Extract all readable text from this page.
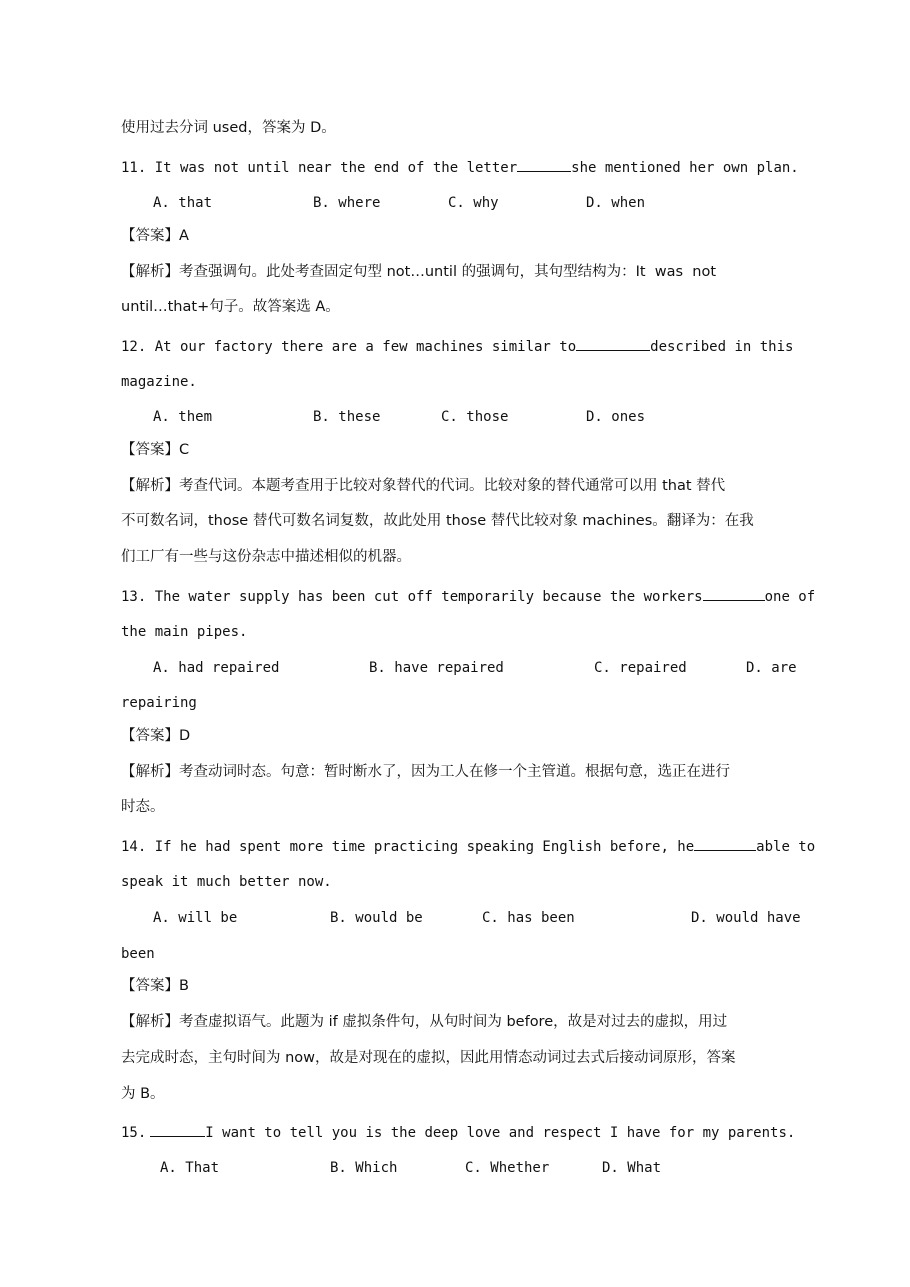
使用过去分词 used，答案为 D。
11. It was not until near the end of the letter	she mentioned her own plan.
A. that	B. where	C. why	D. when
【答案】A
【解析】考查强调句。此处考查固定句型 not…until 的强调句，其句型结构为：It  was  not
until…that+句子。故答案选 A。
12. At our factory there are a few machines similar to	described in this
magazine.
A. them	B. these	C. those	D. ones
【答案】C
【解析】考查代词。本题考查用于比较对象替代的代词。比较对象的替代通常可以用 that 替代
不可数名词，those 替代可数名词复数，故此处用 those 替代比较对象 machines。翻译为：在我
们工厂有一些与这份杂志中描述相似的机器。
13. The water supply has been cut off temporarily because the workers	one of
the main pipes.
A. had repaired	B. have repaired	C. repaired	D. are
repairing
【答案】D
【解析】考查动词时态。句意：暂时断水了，因为工人在修一个主管道。根据句意，选正在进行
时态。
14. If he had spent more time practicing speaking English before, he	able to
speak it much better now.
A. will be	B. would be	C. has been	D. would have
been
【答案】B
【解析】考查虚拟语气。此题为 if 虚拟条件句，从句时间为 before，故是对过去的虚拟，用过
去完成时态，主句时间为 now，故是对现在的虚拟，因此用情态动词过去式后接动词原形，答案
为 B。
15.	I want to tell you is the deep love and respect I have for my parents.
A. That	B. Which	C. Whether	D. What
